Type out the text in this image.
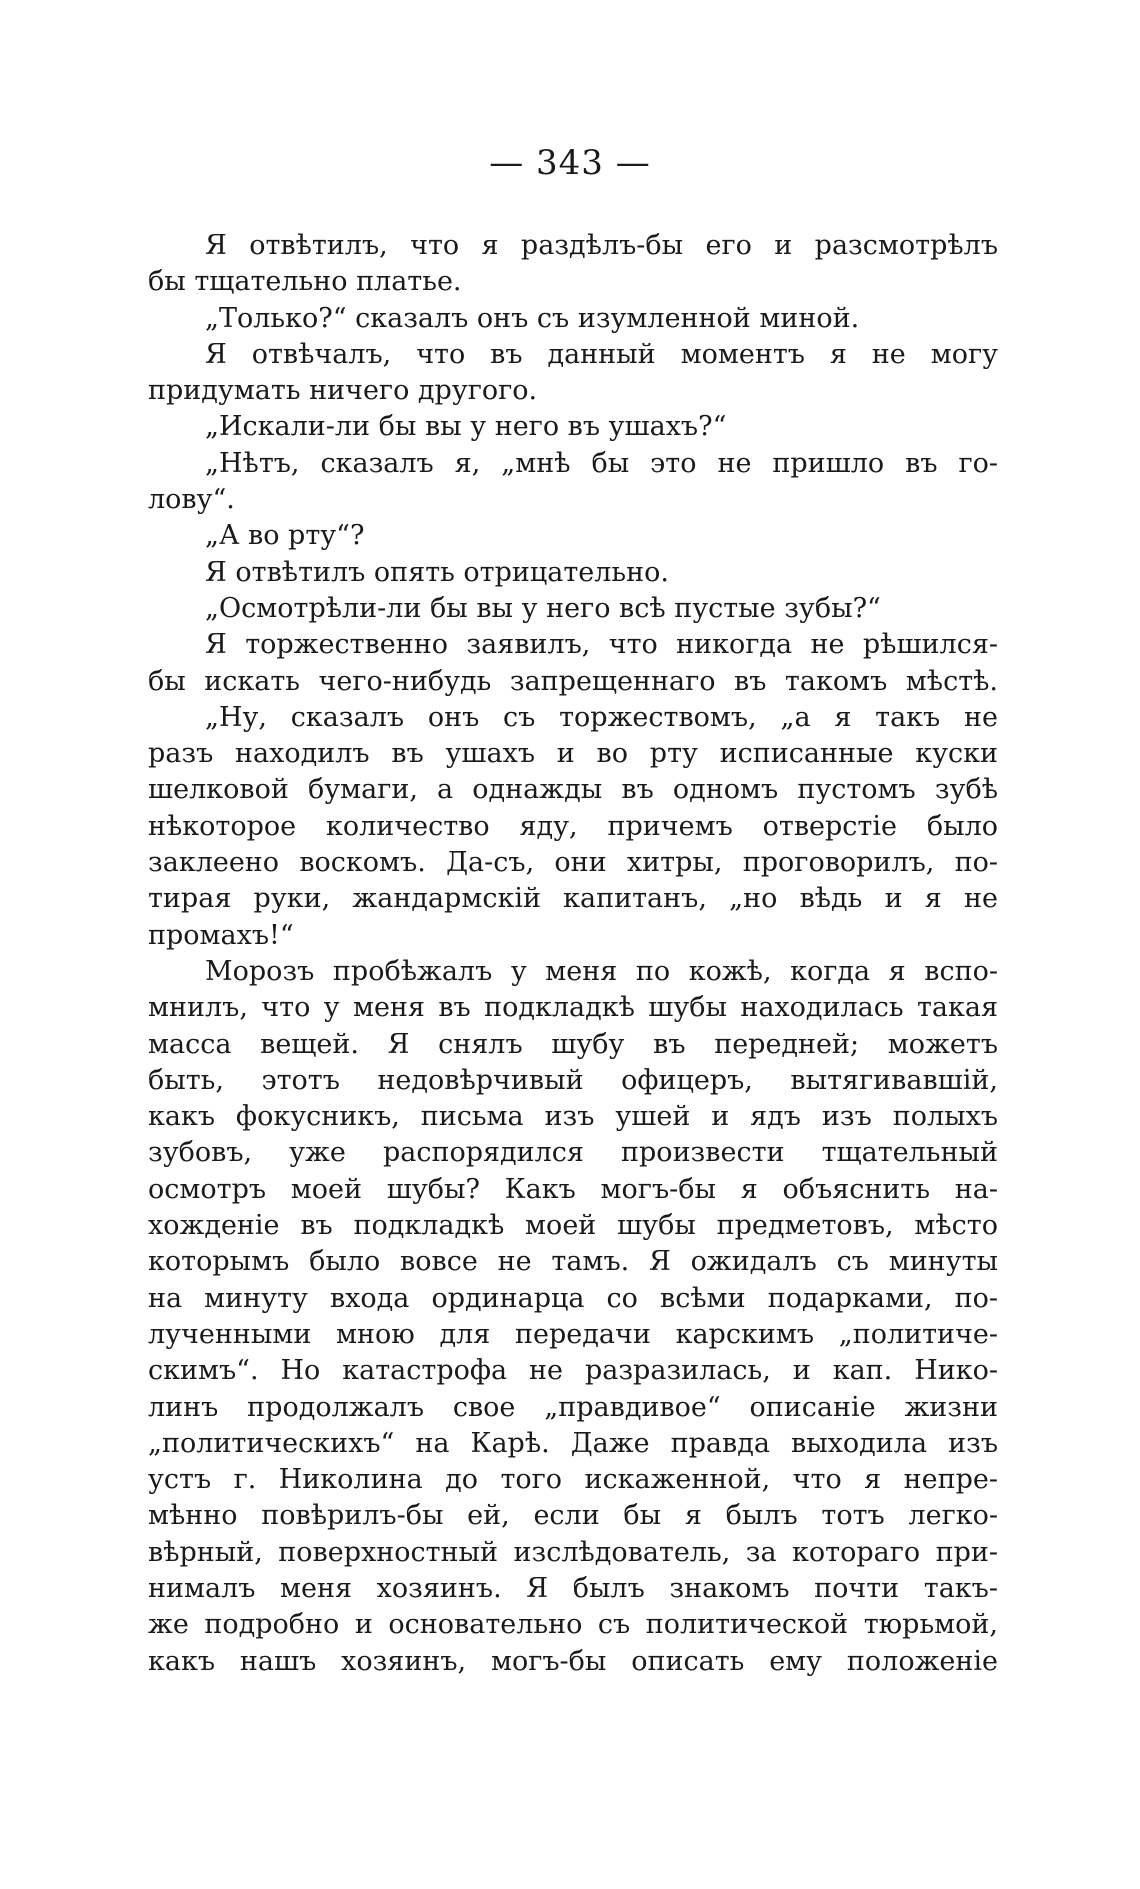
— 343 —
Я отвѣтилъ, что я раздѣлъ-бы его и разсмотрѣлъ
бы тщательно платье.
„Только?“ сказалъ онъ съ изумленной миной.
Я отвѣчалъ, что въ данный моментъ я не могу
придумать ничего другого.
„Искали-ли бы вы у него въ ушахъ?“
„Нѣтъ, сказалъ я, „мнѣ бы это не пришло въ го-
лову“.
„А во рту“?
Я отвѣтилъ опять отрицательно.
„Осмотрѣли-ли бы вы у него всѣ пустые зубы?“
Я торжественно заявилъ, что никогда не рѣшился-
бы искать чего-нибудь запрещеннаго въ такомъ мѣстѣ.
„Ну, сказалъ онъ съ торжествомъ, „а я такъ не
разъ находилъ въ ушахъ и во рту исписанные куски
шелковой бумаги, а однажды въ одномъ пустомъ зубѣ
нѣкоторое количество яду, причемъ отверстіе было
заклеено воскомъ. Да-съ, они хитры, проговорилъ, по-
тирая руки, жандармскій капитанъ, „но вѣдь и я не
промахъ!“
Морозъ пробѣжалъ у меня по кожѣ, когда я вспо-
мнилъ, что у меня въ подкладкѣ шубы находилась такая
масса вещей. Я снялъ шубу въ передней; можетъ
быть, этотъ недовѣрчивый офицеръ, вытягивавшій,
какъ фокусникъ, письма изъ ушей и ядъ изъ полыхъ
зубовъ, уже распорядился произвести тщательный
осмотръ моей шубы? Какъ могъ-бы я объяснить на-
хожденіе въ подкладкѣ моей шубы предметовъ, мѣсто
которымъ было вовсе не тамъ. Я ожидалъ съ минуты
на минуту входа ординарца со всѣми подарками, по-
лученными мною для передачи карскимъ „политиче-
скимъ“. Но катастрофа не разразилась, и кап. Нико-
линъ продолжалъ свое „правдивое“ описаніе жизни
„политическихъ“ на Карѣ. Даже правда выходила изъ
устъ г. Николина до того искаженной, что я непре-
мѣнно повѣрилъ-бы ей, если бы я былъ тотъ легко-
вѣрный, поверхностный изслѣдователь, за котораго при-
нималъ меня хозяинъ. Я былъ знакомъ почти такъ-
же подробно и основательно съ политической тюрьмой,
какъ нашъ хозяинъ, могъ-бы описать ему положеніе
